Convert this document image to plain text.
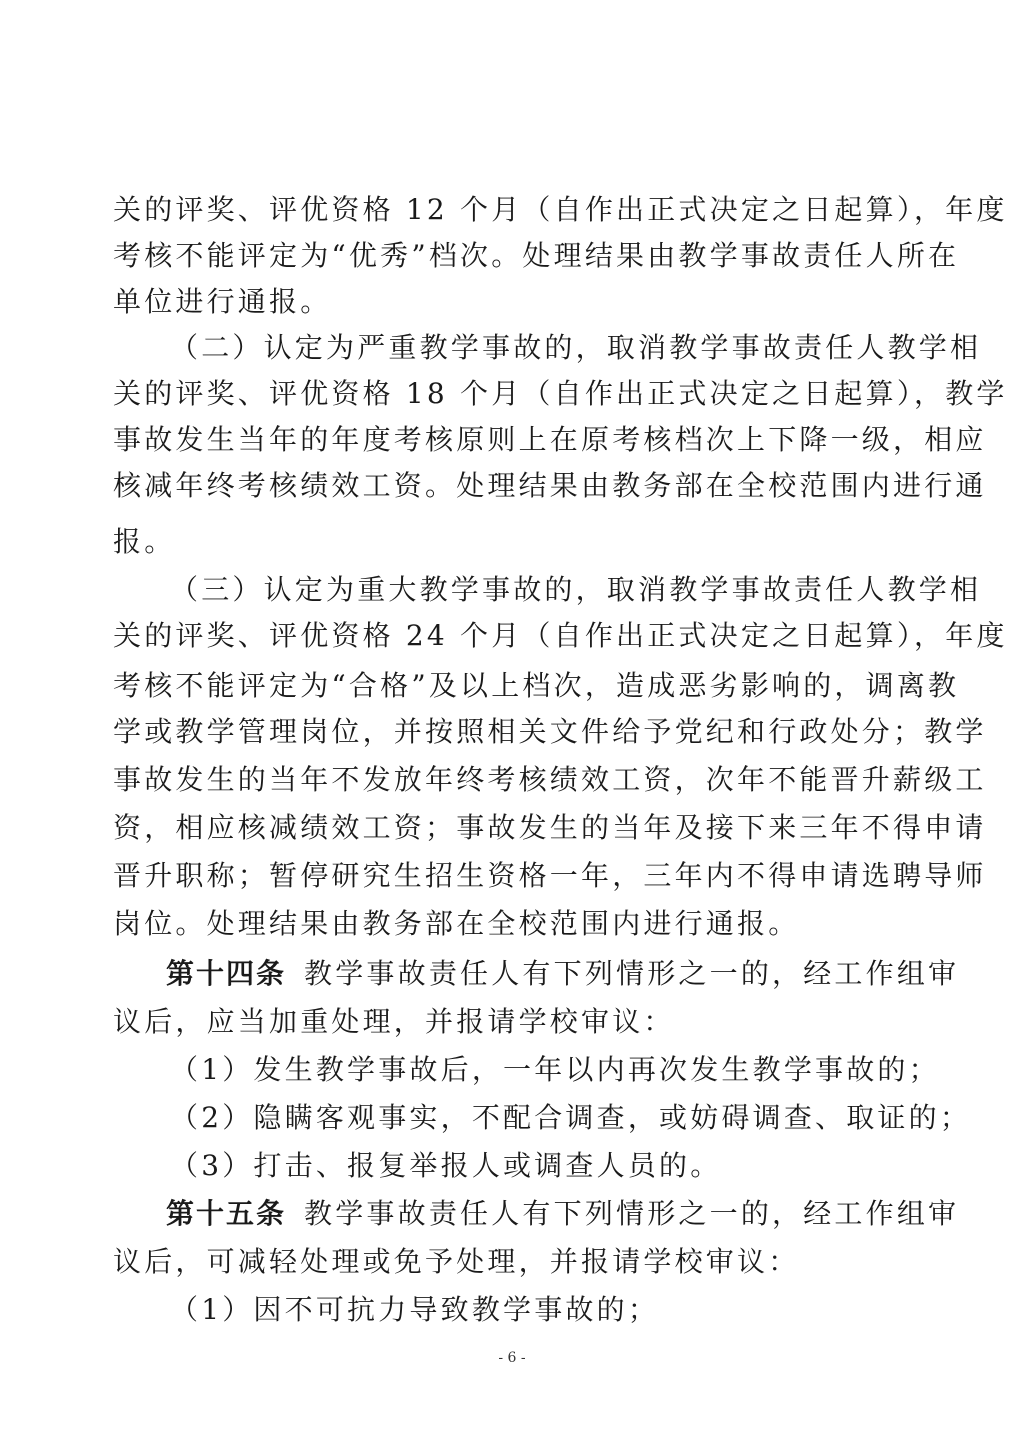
关的评奖、评优资格 12 个月（自作出正式决定之日起算），年度
考核不能评定为“优秀”档次。处理结果由教学事故责任人所在
单位进行通报。
（二）认定为严重教学事故的，取消教学事故责任人教学相
关的评奖、评优资格 18 个月（自作出正式决定之日起算），教学
事故发生当年的年度考核原则上在原考核档次上下降一级，相应
核减年终考核绩效工资。处理结果由教务部在全校范围内进行通
报。
（三）认定为重大教学事故的，取消教学事故责任人教学相
关的评奖、评优资格 24 个月（自作出正式决定之日起算），年度
考核不能评定为“合格”及以上档次，造成恶劣影响的，调离教
学或教学管理岗位，并按照相关文件给予党纪和行政处分；教学
事故发生的当年不发放年终考核绩效工资，次年不能晋升薪级工
资，相应核减绩效工资；事故发生的当年及接下来三年不得申请
晋升职称；暂停研究生招生资格一年，三年内不得申请选聘导师
岗位。处理结果由教务部在全校范围内进行通报。
第十四条 教学事故责任人有下列情形之一的，经工作组审
议后，应当加重处理，并报请学校审议：
（1）发生教学事故后，一年以内再次发生教学事故的；
（2）隐瞒客观事实，不配合调查，或妨碍调查、取证的；
（3）打击、报复举报人或调查人员的。
第十五条 教学事故责任人有下列情形之一的，经工作组审
议后，可减轻处理或免予处理，并报请学校审议：
（1）因不可抗力导致教学事故的；
- 6 -
